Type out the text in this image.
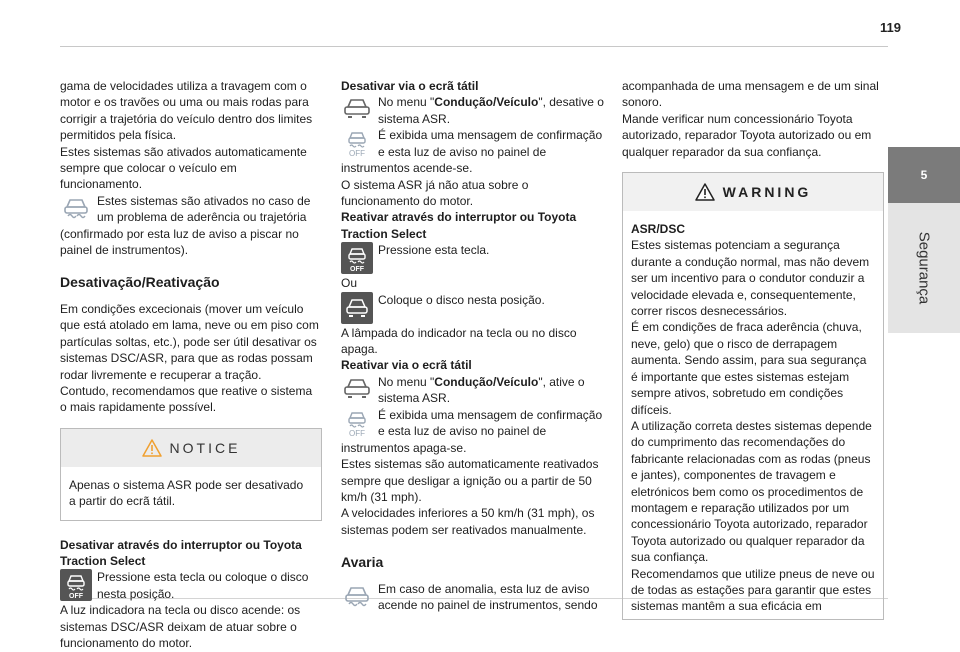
119
5
Segurança

gama de velocidades utiliza a travagem com o motor e os travões ou uma ou mais rodas para corrigir a trajetória do veículo dentro dos limites permitidos pela física.

Estes sistemas são ativados automaticamente sempre que colocar o veículo em funcionamento.

Estes sistemas são ativados no caso de um problema de aderência ou trajetória (confirmado por esta luz de aviso a piscar no painel de instrumentos).

Desativação/Reativação

Em condições excecionais (mover um veículo que está atolado em lama, neve ou em piso com partículas soltas, etc.), pode ser útil desativar os sistemas DSC/ASR, para que as rodas possam rodar livremente e recuperar a tração.

Contudo, recomendamos que reative o sistema o mais rapidamente possível.

NOTICE

Apenas o sistema ASR pode ser desativado a partir do ecrã tátil.

Desativar através do interruptor ou Toyota Traction Select

OFF

Pressione esta tecla ou coloque o disco nesta posição.

A luz indicadora na tecla ou disco acende: os sistemas DSC/ASR deixam de atuar sobre o funcionamento do motor.

Desativar via o ecrã tátil

No menu "Condução/Veículo", desative o sistema ASR.

OFF

É exibida uma mensagem de confirmação e esta luz de aviso no painel de instrumentos acende-se.

O sistema ASR já não atua sobre o funcionamento do motor.

Reativar através do interruptor ou Toyota Traction Select

OFF

Pressione esta tecla.

Ou

Coloque o disco nesta posição.

A lâmpada do indicador na tecla ou no disco apaga.

Reativar via o ecrã tátil

No menu "Condução/Veículo", ative o sistema ASR.

OFF

É exibida uma mensagem de confirmação e esta luz de aviso no painel de instrumentos apaga-se.

Estes sistemas são automaticamente reativados sempre que desligar a ignição ou a partir de 50 km/h (31 mph).

A velocidades inferiores a 50 km/h (31 mph), os sistemas podem ser reativados manualmente.

Avaria

Em caso de anomalia, esta luz de aviso acende no painel de instrumentos, sendo

acompanhada de uma mensagem e de um sinal sonoro.

Mande verificar num concessionário Toyota autorizado, reparador Toyota autorizado ou em qualquer reparador da sua confiança.

WARNING

ASR/DSC

Estes sistemas potenciam a segurança durante a condução normal, mas não devem ser um incentivo para o condutor conduzir a velocidade elevada e, consequentemente, correr riscos desnecessários.

É em condições de fraca aderência (chuva, neve, gelo) que o risco de derrapagem aumenta. Sendo assim, para sua segurança é importante que estes sistemas estejam sempre ativos, sobretudo em condições difíceis.

A utilização correta destes sistemas depende do cumprimento das recomendações do fabricante relacionadas com as rodas (pneus e jantes), componentes de travagem e eletrónicos bem como os procedimentos de montagem e reparação utilizados por um concessionário Toyota autorizado, reparador Toyota autorizado ou qualquer reparador da sua confiança.

Recomendamos que utilize pneus de neve ou de todas as estações para garantir que estes sistemas mantêm a sua eficácia em
